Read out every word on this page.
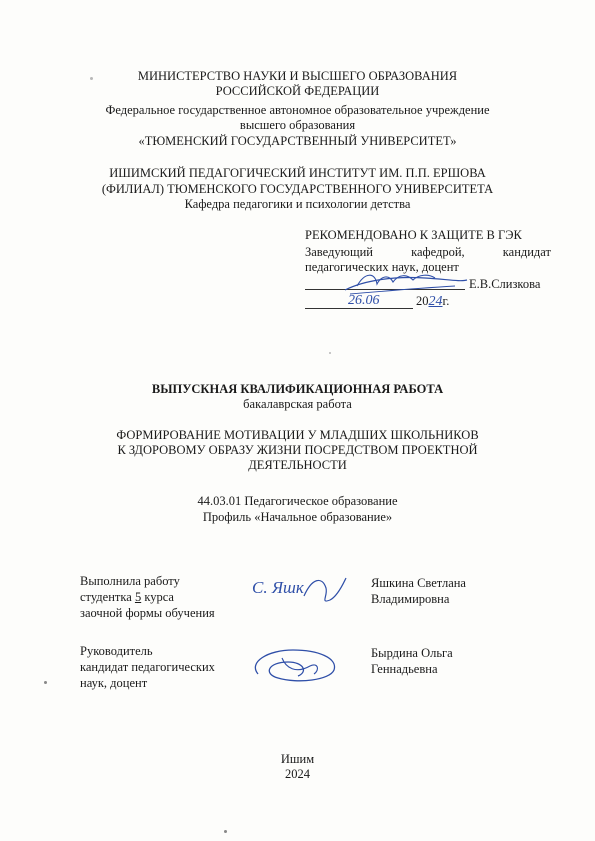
МИНИСТЕРСТВО НАУКИ И ВЫСШЕГО ОБРАЗОВАНИЯ
РОССИЙСКОЙ ФЕДЕРАЦИИ
Федеральное государственное автономное образовательное учреждение
высшего образования
«ТЮМЕНСКИЙ ГОСУДАРСТВЕННЫЙ УНИВЕРСИТЕТ»
ИШИМСКИЙ ПЕДАГОГИЧЕСКИЙ ИНСТИТУТ ИМ. П.П. ЕРШОВА
(ФИЛИАЛ) ТЮМЕНСКОГО ГОСУДАРСТВЕННОГО УНИВЕРСИТЕТА
Кафедра педагогики и психологии детства
РЕКОМЕНДОВАНО К ЗАЩИТЕ В ГЭК
Заведующий	кафедрой,	кандидат
педагогических наук, доцент
Е.В.Слизкова
26.06	2024г.
ВЫПУСКНАЯ КВАЛИФИКАЦИОННАЯ РАБОТА
бакалаврская работа
ФОРМИРОВАНИЕ МОТИВАЦИИ У МЛАДШИХ ШКОЛЬНИКОВ
К ЗДОРОВОМУ ОБРАЗУ ЖИЗНИ ПОСРЕДСТВОМ ПРОЕКТНОЙ
ДЕЯТЕЛЬНОСТИ
44.03.01 Педагогическое образование
Профиль «Начальное образование»
Выполнила работу
студентка 5 курса
заочной формы обучения
С. Яшк	Яшкина Светлана
Владимировна
Руководитель
кандидат педагогических
наук, доцент
Бырдина Ольга
Геннадьевна
Ишим
2024
